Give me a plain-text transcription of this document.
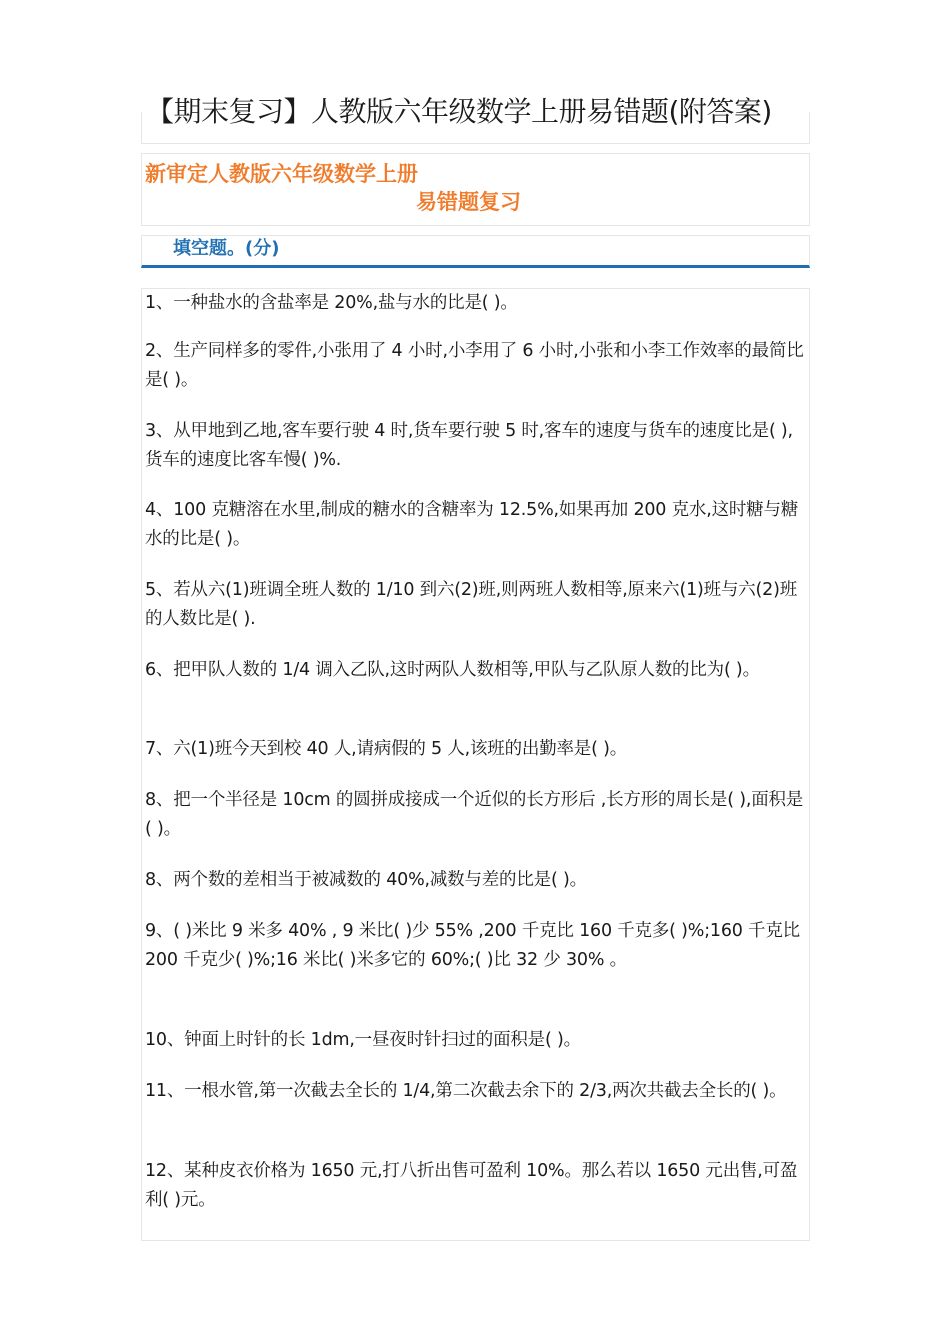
【期末复习】人教版六年级数学上册易错题(附答案)
新审定人教版六年级数学上册
易错题复习
填空题。(分)

1、一种盐水的含盐率是 20%,盐与水的比是( )。

2、生产同样多的零件,小张用了 4 小时,小李用了 6 小时,小张和小李工作效率的最简比是( )。

3、从甲地到乙地,客车要行驶 4 时,货车要行驶 5 时,客车的速度与货车的速度比是( ),货车的速度比客车慢( )%.

4、100 克糖溶在水里,制成的糖水的含糖率为 12.5%,如果再加 200 克水,这时糖与糖水的比是( )。

5、若从六(1)班调全班人数的 1/10 到六(2)班,则两班人数相等,原来六(1)班与六(2)班的人数比是( ).

6、把甲队人数的 1/4 调入乙队,这时两队人数相等,甲队与乙队原人数的比为( )。

7、六(1)班今天到校 40 人,请病假的 5 人,该班的出勤率是( )。

8、把一个半径是 10cm 的圆拼成接成一个近似的长方形后 ,长方形的周长是( ),面积是( )。

8、两个数的差相当于被减数的 40%,减数与差的比是( )。

9、( )米比 9 米多 40% , 9 米比( )少 55% ,200 千克比 160 千克多( )%;160 千克比 200 千克少( )%;16 米比( )米多它的 60%;( )比 32 少 30% 。

10、钟面上时针的长 1dm,一昼夜时针扫过的面积是( )。

11、一根水管,第一次截去全长的 1/4,第二次截去余下的 2/3,两次共截去全长的( )。

12、某种皮衣价格为 1650 元,打八折出售可盈利 10%。那么若以 1650 元出售,可盈利( )元。
